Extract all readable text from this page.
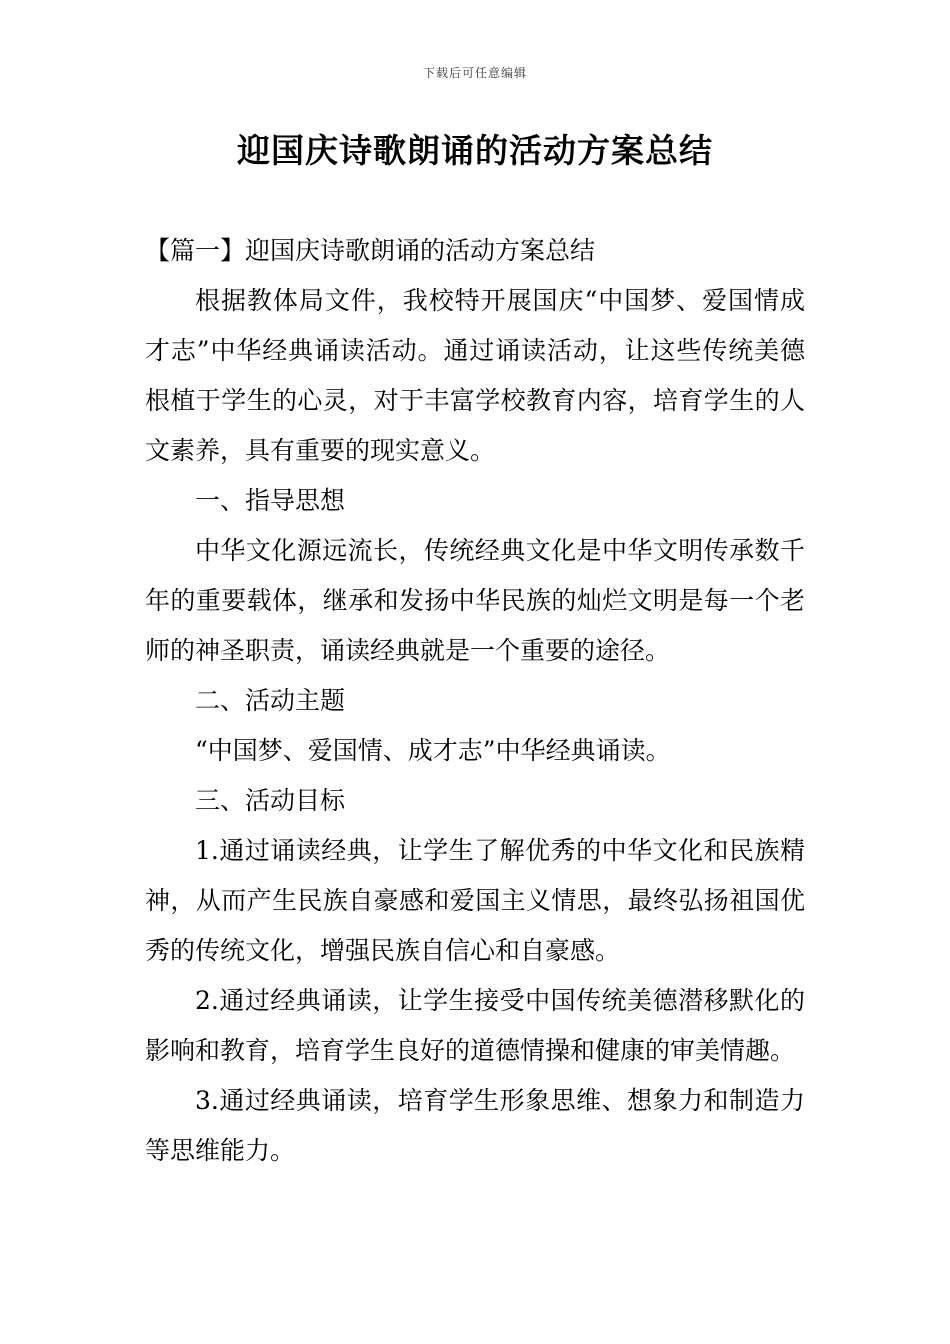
下载后可任意编辑
迎国庆诗歌朗诵的活动方案总结

【篇一】迎国庆诗歌朗诵的活动方案总结

根据教体局文件，我校特开展国庆“中国梦、爱国情成才志”中华经典诵读活动。通过诵读活动，让这些传统美德根植于学生的心灵，对于丰富学校教育内容，培育学生的人文素养，具有重要的现实意义。

一、指导思想

中华文化源远流长，传统经典文化是中华文明传承数千年的重要载体，继承和发扬中华民族的灿烂文明是每一个老师的神圣职责，诵读经典就是一个重要的途径。

二、活动主题

“中国梦、爱国情、成才志”中华经典诵读。

三、活动目标

1.通过诵读经典，让学生了解优秀的中华文化和民族精神，从而产生民族自豪感和爱国主义情思，最终弘扬祖国优秀的传统文化，增强民族自信心和自豪感。

2.通过经典诵读，让学生接受中国传统美德潜移默化的影响和教育，培育学生良好的道德情操和健康的审美情趣。

3.通过经典诵读，培育学生形象思维、想象力和制造力等思维能力。
